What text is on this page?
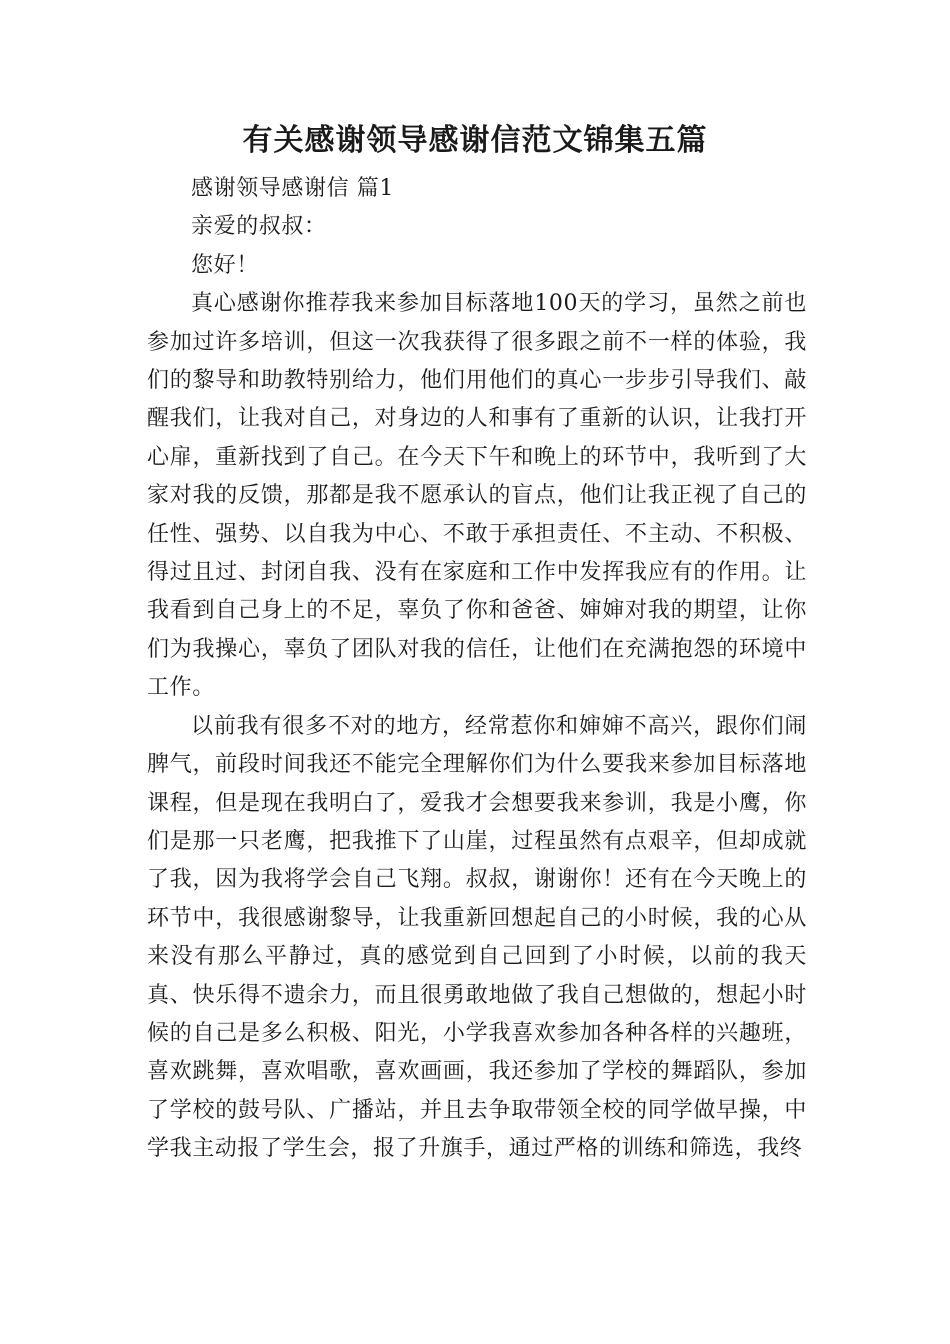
有关感谢领导感谢信范文锦集五篇

感谢领导感谢信 篇1

亲爱的叔叔：

您好！

真心感谢你推荐我来参加目标落地100天的学习，虽然之前也参加过许多培训，但这一次我获得了很多跟之前不一样的体验，我们的黎导和助教特别给力，他们用他们的真心一步步引导我们、敲醒我们，让我对自己，对身边的人和事有了重新的认识，让我打开心扉，重新找到了自己。在今天下午和晚上的环节中，我听到了大家对我的反馈，那都是我不愿承认的盲点，他们让我正视了自己的任性、强势、以自我为中心、不敢于承担责任、不主动、不积极、得过且过、封闭自我、没有在家庭和工作中发挥我应有的作用。让我看到自己身上的不足，辜负了你和爸爸、婶婶对我的期望，让你们为我操心，辜负了团队对我的信任，让他们在充满抱怨的环境中工作。

以前我有很多不对的地方，经常惹你和婶婶不高兴，跟你们闹脾气，前段时间我还不能完全理解你们为什么要我来参加目标落地课程，但是现在我明白了，爱我才会想要我来参训，我是小鹰，你们是那一只老鹰，把我推下了山崖，过程虽然有点艰辛，但却成就了我，因为我将学会自己飞翔。叔叔，谢谢你！还有在今天晚上的环节中，我很感谢黎导，让我重新回想起自己的小时候，我的心从来没有那么平静过，真的感觉到自己回到了小时候，以前的我天真、快乐得不遗余力，而且很勇敢地做了我自己想做的，想起小时候的自己是多么积极、阳光，小学我喜欢参加各种各样的兴趣班，喜欢跳舞，喜欢唱歌，喜欢画画，我还参加了学校的舞蹈队，参加了学校的鼓号队、广播站，并且去争取带领全校的同学做早操，中学我主动报了学生会，报了升旗手，通过严格的训练和筛选，我终
